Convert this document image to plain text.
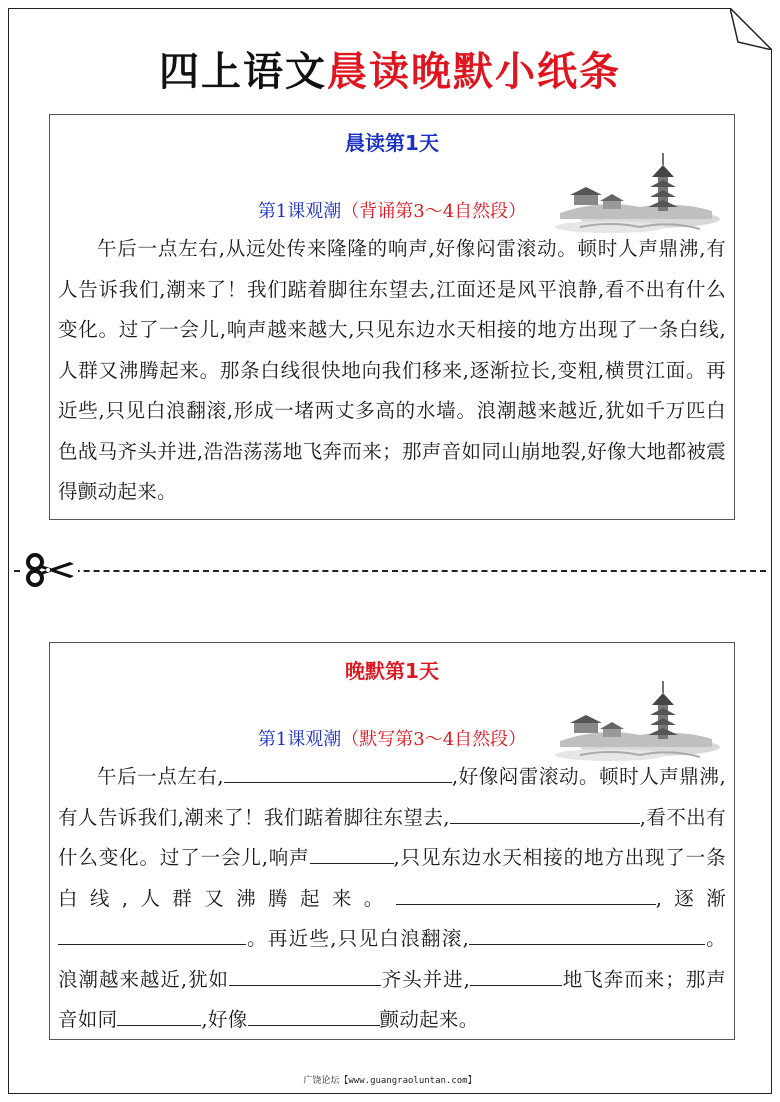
四上语文晨读晚默小纸条
晨读第1天
第1课观潮（背诵第3～4自然段）

午后一点左右,从远处传来隆隆的响声,好像闷雷滚动。顿时人声鼎沸,有人告诉我们,潮来了！我们踮着脚往东望去,江面还是风平浪静,看不出有什么变化。过了一会儿,响声越来越大,只见东边水天相接的地方出现了一条白线,人群又沸腾起来。那条白线很快地向我们移来,逐渐拉长,变粗,横贯江面。再近些,只见白浪翻滚,形成一堵两丈多高的水墙。浪潮越来越近,犹如千万匹白色战马齐头并进,浩浩荡荡地飞奔而来；那声音如同山崩地裂,好像大地都被震得颤动起来。

晚默第1天
第1课观潮（默写第3～4自然段）

午后一点左右,	,好像闷雷滚动。顿时人声鼎沸,有人告诉我们,潮来了！我们踮着脚往东望去,	,看不出有什么变化。过了一会儿,响声	,只见东边水天相接的地方出现了一条白线,人群又沸腾起来。	,逐渐。再近些,只见白浪翻滚,	。浪潮越来越近,犹如	齐头并进,	地飞奔而来；那声音如同	,好像	颤动起来。

广饶论坛【www.guangraoluntan.com】
